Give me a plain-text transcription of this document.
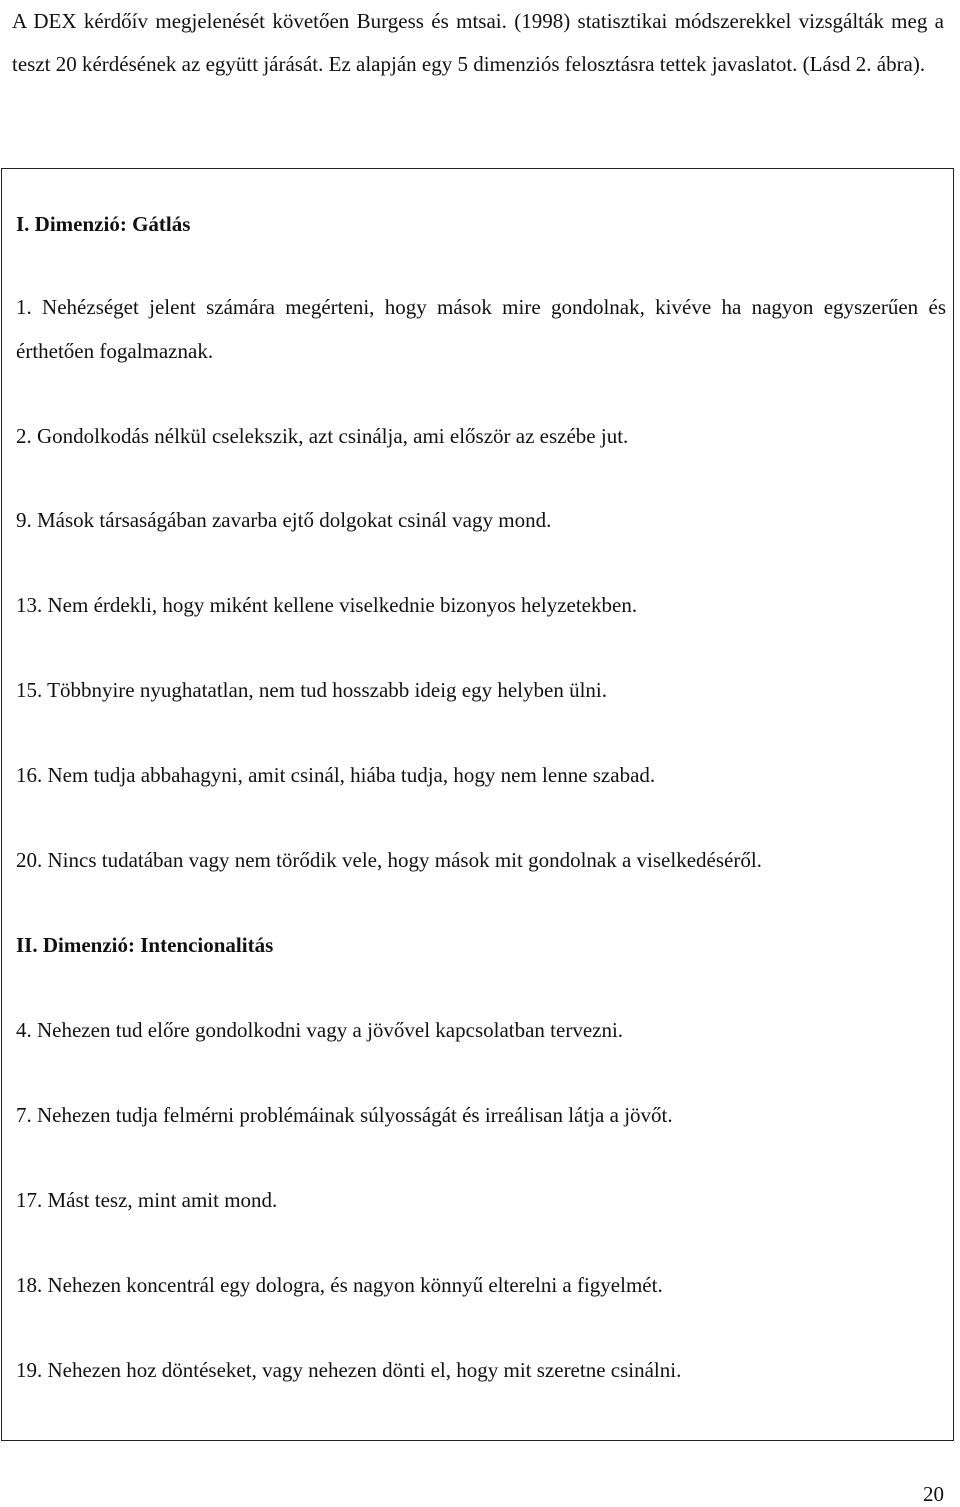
A DEX kérdőív megjelenését követően Burgess és mtsai. (1998) statisztikai módszerekkel vizsgálták meg a teszt 20 kérdésének az együtt járását. Ez alapján egy 5 dimenziós felosztásra tettek javaslatot. (Lásd 2. ábra).

I. Dimenzió: Gátlás

1. Nehézséget jelent számára megérteni, hogy mások mire gondolnak, kivéve ha nagyon egyszerűen és érthetően fogalmaznak.

2. Gondolkodás nélkül cselekszik, azt csinálja, ami először az eszébe jut.

9. Mások társaságában zavarba ejtő dolgokat csinál vagy mond.

13. Nem érdekli, hogy miként kellene viselkednie bizonyos helyzetekben.

15. Többnyire nyughatatlan, nem tud hosszabb ideig egy helyben ülni.

16. Nem tudja abbahagyni, amit csinál, hiába tudja, hogy nem lenne szabad.

20. Nincs tudatában vagy nem törődik vele, hogy mások mit gondolnak a viselkedéséről.

II. Dimenzió: Intencionalitás

4. Nehezen tud előre gondolkodni vagy a jövővel kapcsolatban tervezni.

7. Nehezen tudja felmérni problémáinak súlyosságát és irreálisan látja a jövőt.

17. Mást tesz, mint amit mond.

18. Nehezen koncentrál egy dologra, és nagyon könnyű elterelni a figyelmét.

19. Nehezen hoz döntéseket, vagy nehezen dönti el, hogy mit szeretne csinálni.

20
